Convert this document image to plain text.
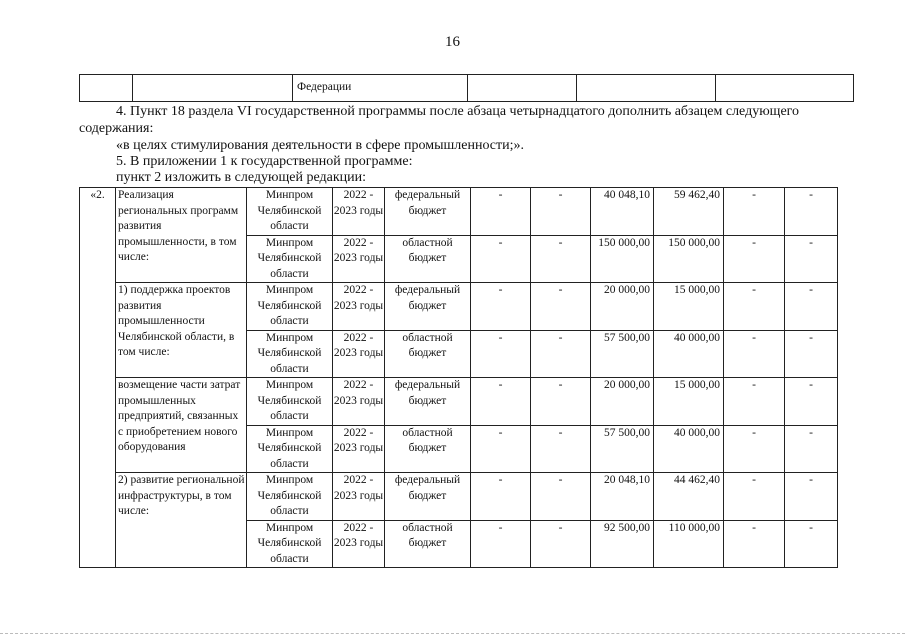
16
		Федерации			
4. Пункт 18 раздела VI государственной программы после абзаца четырнадцатого дополнить абзацем следующего
содержания:
«в целях стимулирования деятельности в сфере промышленности;».
5. В приложении 1 к государственной программе:
пункт 2 изложить в следующей редакции:
«2.	Реализация региональных программ развития промышленности, в том числе:	Минпром Челябинской области	2022 - 2023 годы	федеральный бюджет	-	-	40 048,10	59 462,40	-	-
		Минпром Челябинской области	2022 - 2023 годы	областной бюджет	-	-	150 000,00	150 000,00	-	-
	1) поддержка проектов развития промышленности Челябинской области, в том числе:	Минпром Челябинской области	2022 - 2023 годы	федеральный бюджет	-	-	20 000,00	15 000,00	-	-
		Минпром Челябинской области	2022 - 2023 годы	областной бюджет	-	-	57 500,00	40 000,00	-	-
	возмещение части затрат промышленных предприятий, связанных с приобретением нового оборудования	Минпром Челябинской области	2022 - 2023 годы	федеральный бюджет	-	-	20 000,00	15 000,00	-	-
		Минпром Челябинской области	2022 - 2023 годы	областной бюджет	-	-	57 500,00	40 000,00	-	-
	2) развитие региональной инфраструктуры, в том числе:	Минпром Челябинской области	2022 - 2023 годы	федеральный бюджет	-	-	20 048,10	44 462,40	-	-
		Минпром Челябинской области	2022 - 2023 годы	областной бюджет	-	-	92 500,00	110 000,00	-	-
